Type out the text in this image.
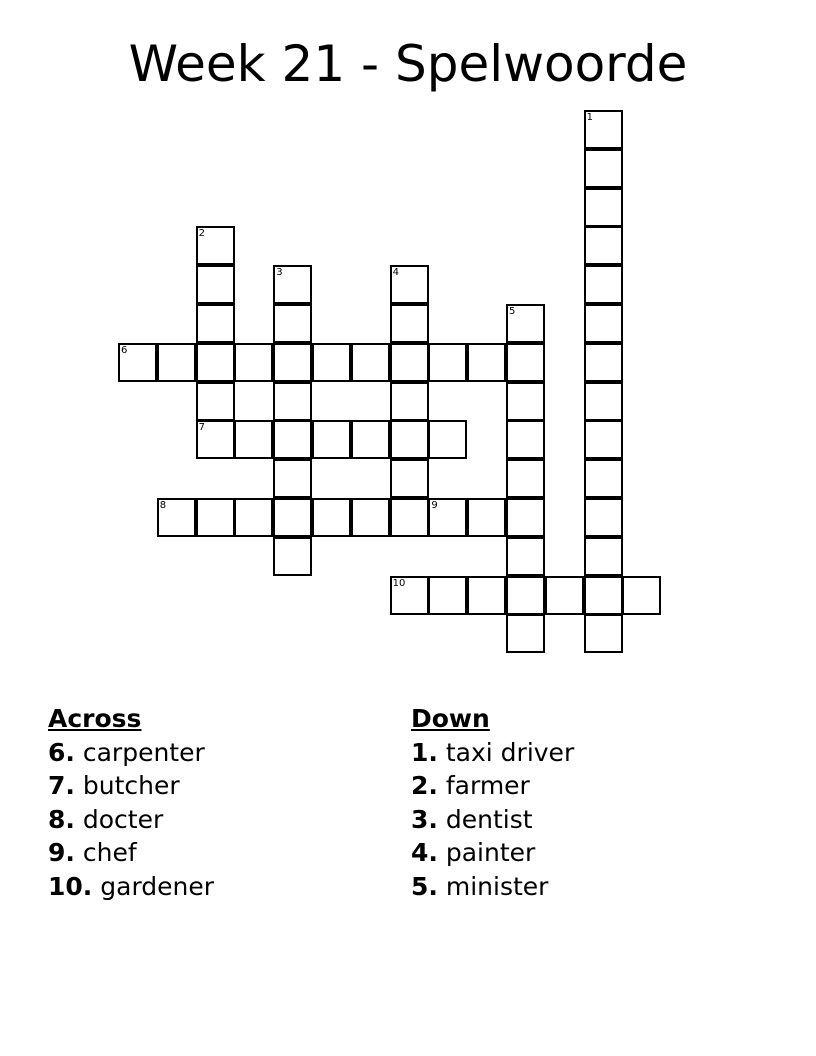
Week 21 - Spelwoorde
1
2
7
3	4
5
6
8	9
10
Across
6. carpenter
7. butcher
8. docter
9. chef
10. gardener
Down
1. taxi driver
2. farmer
3. dentist
4. painter
5. minister
